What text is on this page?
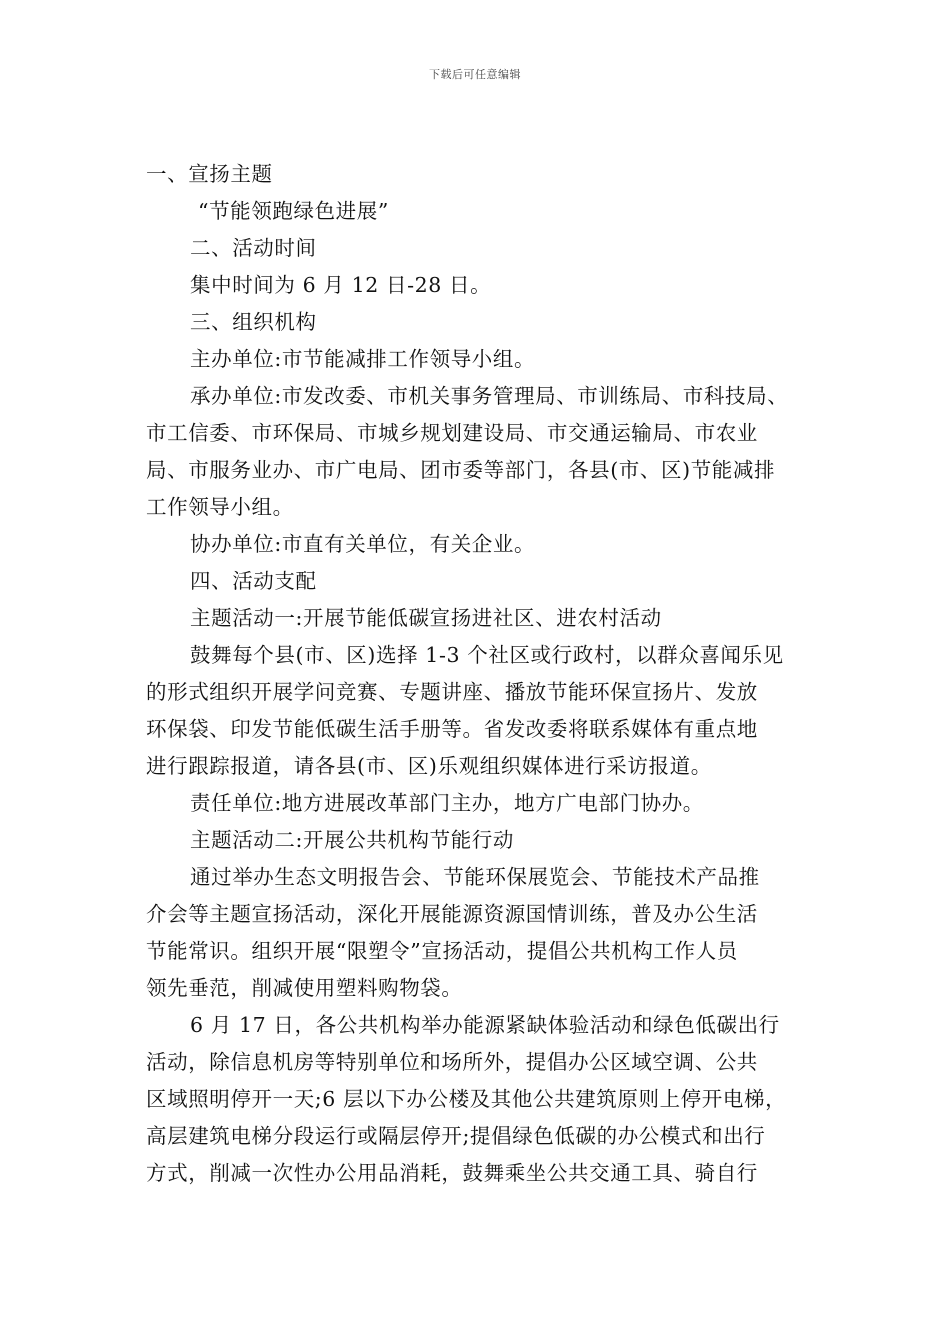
下载后可任意编辑
一、宣扬主题
“节能领跑绿色进展”
二、活动时间
集中时间为 6 月 12 日-28 日。
三、组织机构
主办单位:市节能减排工作领导小组。
承办单位:市发改委、市机关事务管理局、市训练局、市科技局、
市工信委、市环保局、市城乡规划建设局、市交通运输局、市农业
局、市服务业办、市广电局、团市委等部门，各县(市、区)节能减排
工作领导小组。
协办单位:市直有关单位，有关企业。
四、活动支配
主题活动一:开展节能低碳宣扬进社区、进农村活动
鼓舞每个县(市、区)选择 1-3 个社区或行政村，以群众喜闻乐见
的形式组织开展学问竞赛、专题讲座、播放节能环保宣扬片、发放
环保袋、印发节能低碳生活手册等。省发改委将联系媒体有重点地
进行跟踪报道，请各县(市、区)乐观组织媒体进行采访报道。
责任单位:地方进展改革部门主办，地方广电部门协办。
主题活动二:开展公共机构节能行动
通过举办生态文明报告会、节能环保展览会、节能技术产品推
介会等主题宣扬活动，深化开展能源资源国情训练，普及办公生活
节能常识。组织开展“限塑令”宣扬活动，提倡公共机构工作人员
领先垂范，削减使用塑料购物袋。
6 月 17 日，各公共机构举办能源紧缺体验活动和绿色低碳出行
活动，除信息机房等特别单位和场所外，提倡办公区域空调、公共
区域照明停开一天;6 层以下办公楼及其他公共建筑原则上停开电梯，
高层建筑电梯分段运行或隔层停开;提倡绿色低碳的办公模式和出行
方式，削减一次性办公用品消耗，鼓舞乘坐公共交通工具、骑自行
